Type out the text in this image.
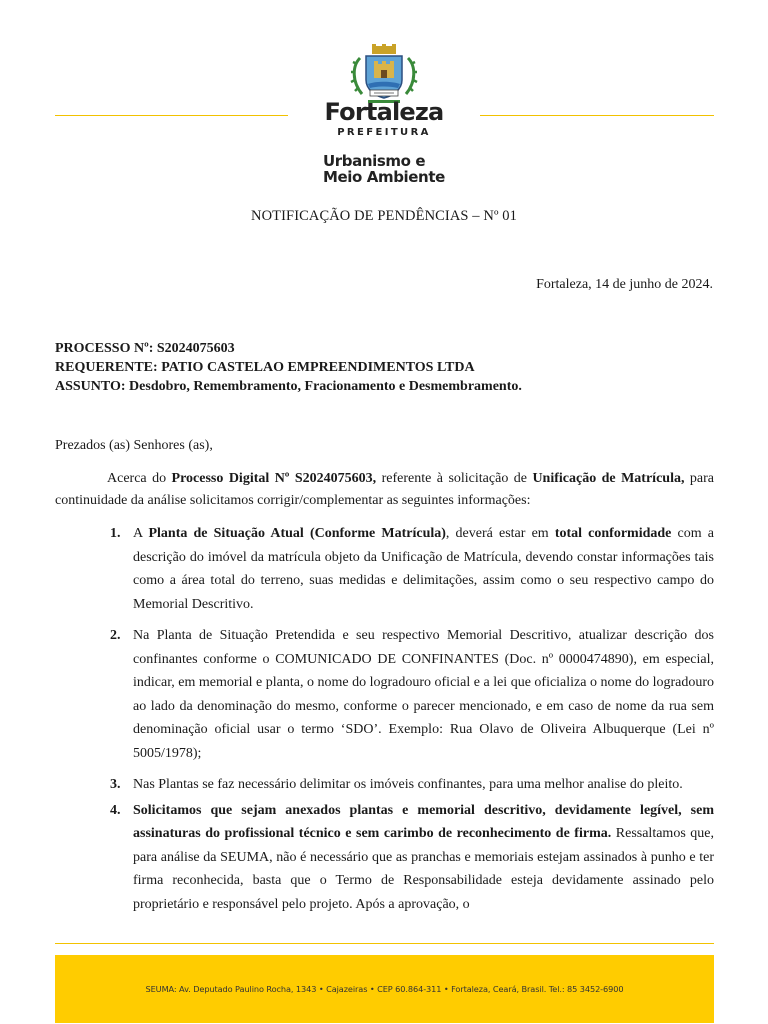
Fortaleza
PREFEITURA
Urbanismo e
Meio Ambiente
NOTIFICAÇÃO DE PENDÊNCIAS – Nº 01
Fortaleza, 14 de junho de 2024.
PROCESSO Nº: S2024075603
REQUERENTE: PATIO CASTELAO EMPREENDIMENTOS LTDA
ASSUNTO: Desdobro, Remembramento, Fracionamento e Desmembramento.
Prezados (as) Senhores (as),

Acerca do Processo Digital Nº S2024075603, referente à solicitação de Unificação de Matrícula, para continuidade da análise solicitamos corrigir/complementar as seguintes informações:

1. A Planta de Situação Atual (Conforme Matrícula), deverá estar em total conformidade com a descrição do imóvel da matrícula objeto da Unificação de Matrícula, devendo constar informações tais como a área total do terreno, suas medidas e delimitações, assim como o seu respectivo campo do Memorial Descritivo.
2. Na Planta de Situação Pretendida e seu respectivo Memorial Descritivo, atualizar descrição dos confinantes conforme o COMUNICADO DE CONFINANTES (Doc. nº 0000474890), em especial, indicar, em memorial e planta, o nome do logradouro oficial e a lei que oficializa o nome do logradouro ao lado da denominação do mesmo, conforme o parecer mencionado, e em caso de nome da rua sem denominação oficial usar o termo ‘SDO’. Exemplo: Rua Olavo de Oliveira Albuquerque (Lei nº 5005/1978);
3. Nas Plantas se faz necessário delimitar os imóveis confinantes, para uma melhor analise do pleito.
4. Solicitamos que sejam anexados plantas e memorial descritivo, devidamente legível, sem assinaturas do profissional técnico e sem carimbo de reconhecimento de firma. Ressaltamos que, para análise da SEUMA, não é necessário que as pranchas e memoriais estejam assinados à punho e ter firma reconhecida, basta que o Termo de Responsabilidade esteja devidamente assinado pelo proprietário e responsável pelo projeto. Após a aprovação, o
SEUMA: Av. Deputado Paulino Rocha, 1343 • Cajazeiras • CEP 60.864-311 • Fortaleza, Ceará, Brasil. Tel.: 85 3452-6900
